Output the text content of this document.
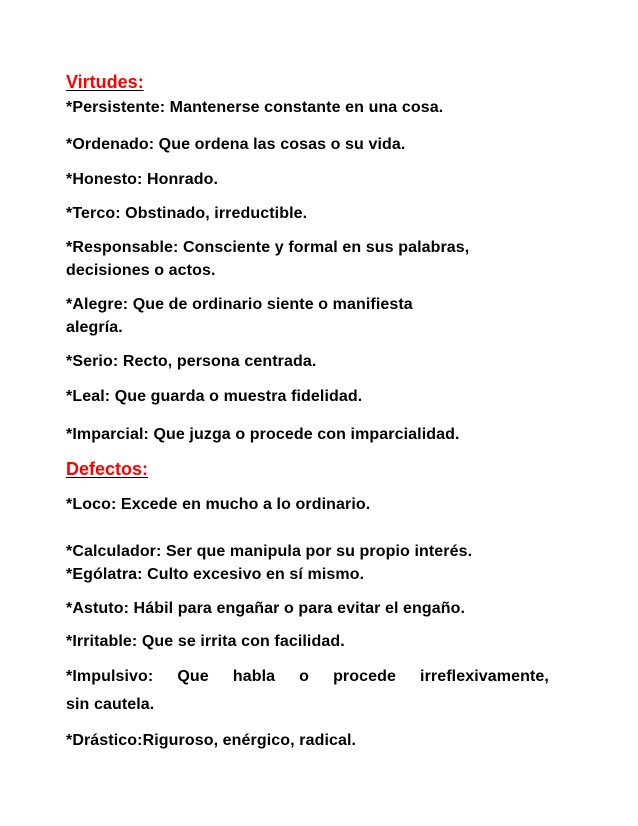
Virtudes:
*Persistente: Mantenerse constante en una cosa.
*Ordenado: Que ordena las cosas o su vida.
*Honesto: Honrado.
*Terco: Obstinado, irreductible.
*Responsable: Consciente y formal en sus palabras,
decisiones o actos.
*Alegre: Que de ordinario siente o manifiesta
alegría.
*Serio: Recto, persona centrada.
*Leal: Que guarda o muestra fidelidad.
*Imparcial: Que juzga o procede con imparcialidad.
Defectos:
*Loco: Excede en mucho a lo ordinario.
*Calculador: Ser que manipula por su propio interés.
*Ególatra: Culto excesivo en sí mismo.
*Astuto: Hábil para engañar o para evitar el engaño.
*Irritable: Que se irrita con facilidad.
*Impulsivo: Que habla o procede irreflexivamente,
sin cautela.
*Drástico:Riguroso, enérgico, radical.
